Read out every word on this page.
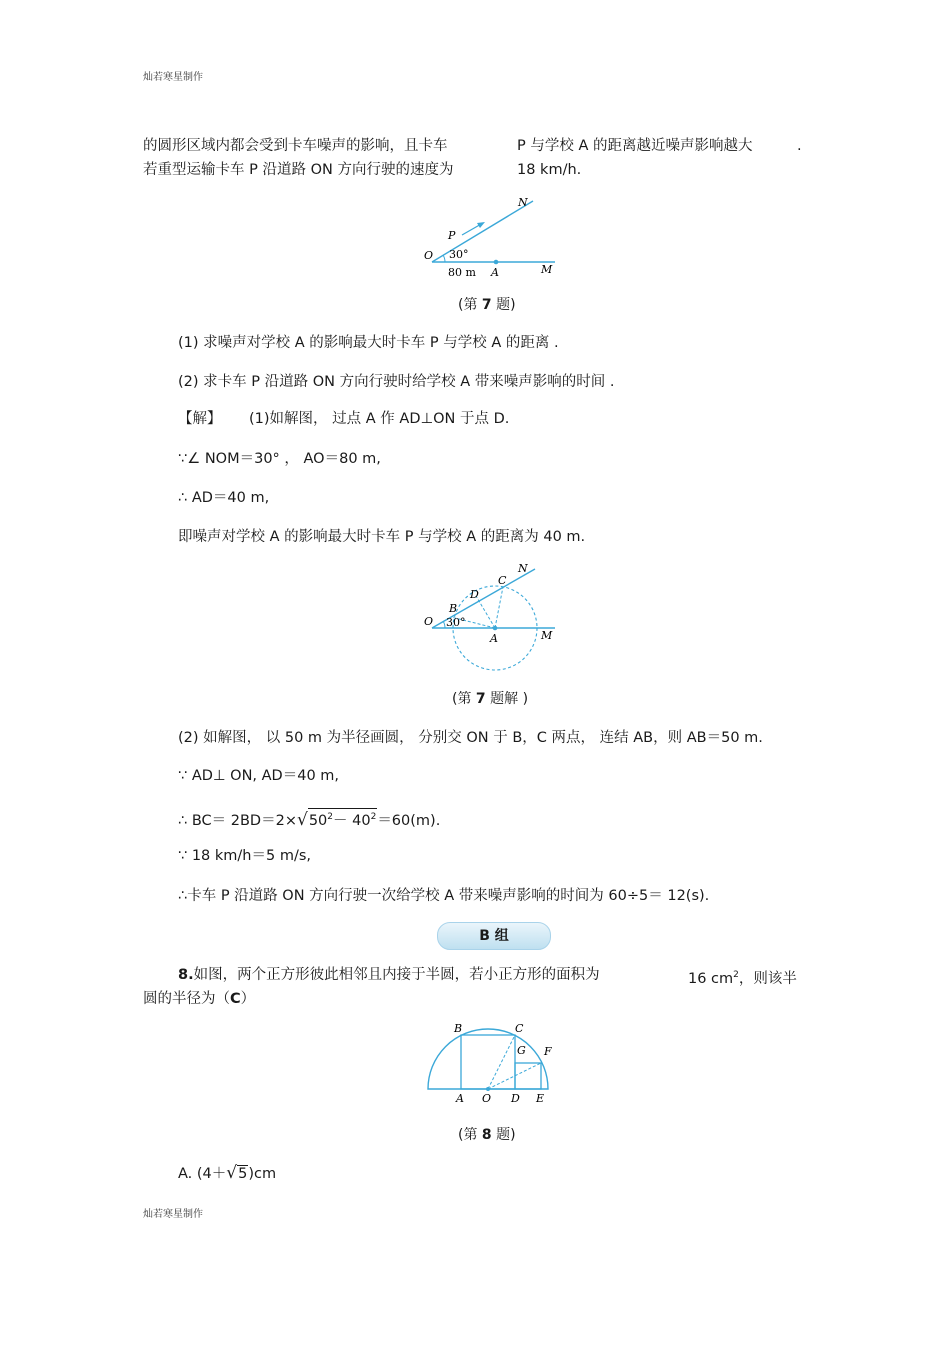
灿若寒星制作
的圆形区域内都会受到卡车噪声的影响，且卡车	P 与学校 A 的距离越近噪声影响越大	.
若重型运输卡车 P 沿道路 ON 方向行驶的速度为	18 km/h.
N
P
O 30°
80 m A	M
(第 7 题)
(1) 求噪声对学校 A 的影响最大时卡车 P 与学校 A 的距离 .
(2) 求卡车 P 沿道路 ON 方向行驶时给学校 A 带来噪声影响的时间 .
【解】 (1)如解图， 过点 A 作 AD⊥ON 于点 D.
∵∠ NOM＝30° ， AO＝80 m,
∴ AD＝40 m,
即噪声对学校 A 的影响最大时卡车 P 与学校 A 的距离为 40 m.
C
N
D
B
O 30°
A	M
(第 7 题解 )
(2) 如解图， 以 50 m 为半径画圆， 分别交 ON 于 B，C 两点， 连结 AB，则 AB＝50 m.
∵ AD⊥ ON, AD＝40 m,
∴ $BC= 2BD=2\times√50^2- 40^2=60(m)$.
∵ 18 km/h＝5 m/s,
∴卡车 P 沿道路 ON 方向行驶一次给学校 A 带来噪声影响的时间为 60÷5＝ 12(s).
B 组
8.如图，两个正方形彼此相邻且内接于半圆，若小正方形的面积为	16 $cm^2$，则该半
圆的半径为（C）
B	C
G F
A O D E
(第 8 题)
A. (4＋√5)cm
灿若寒星制作
